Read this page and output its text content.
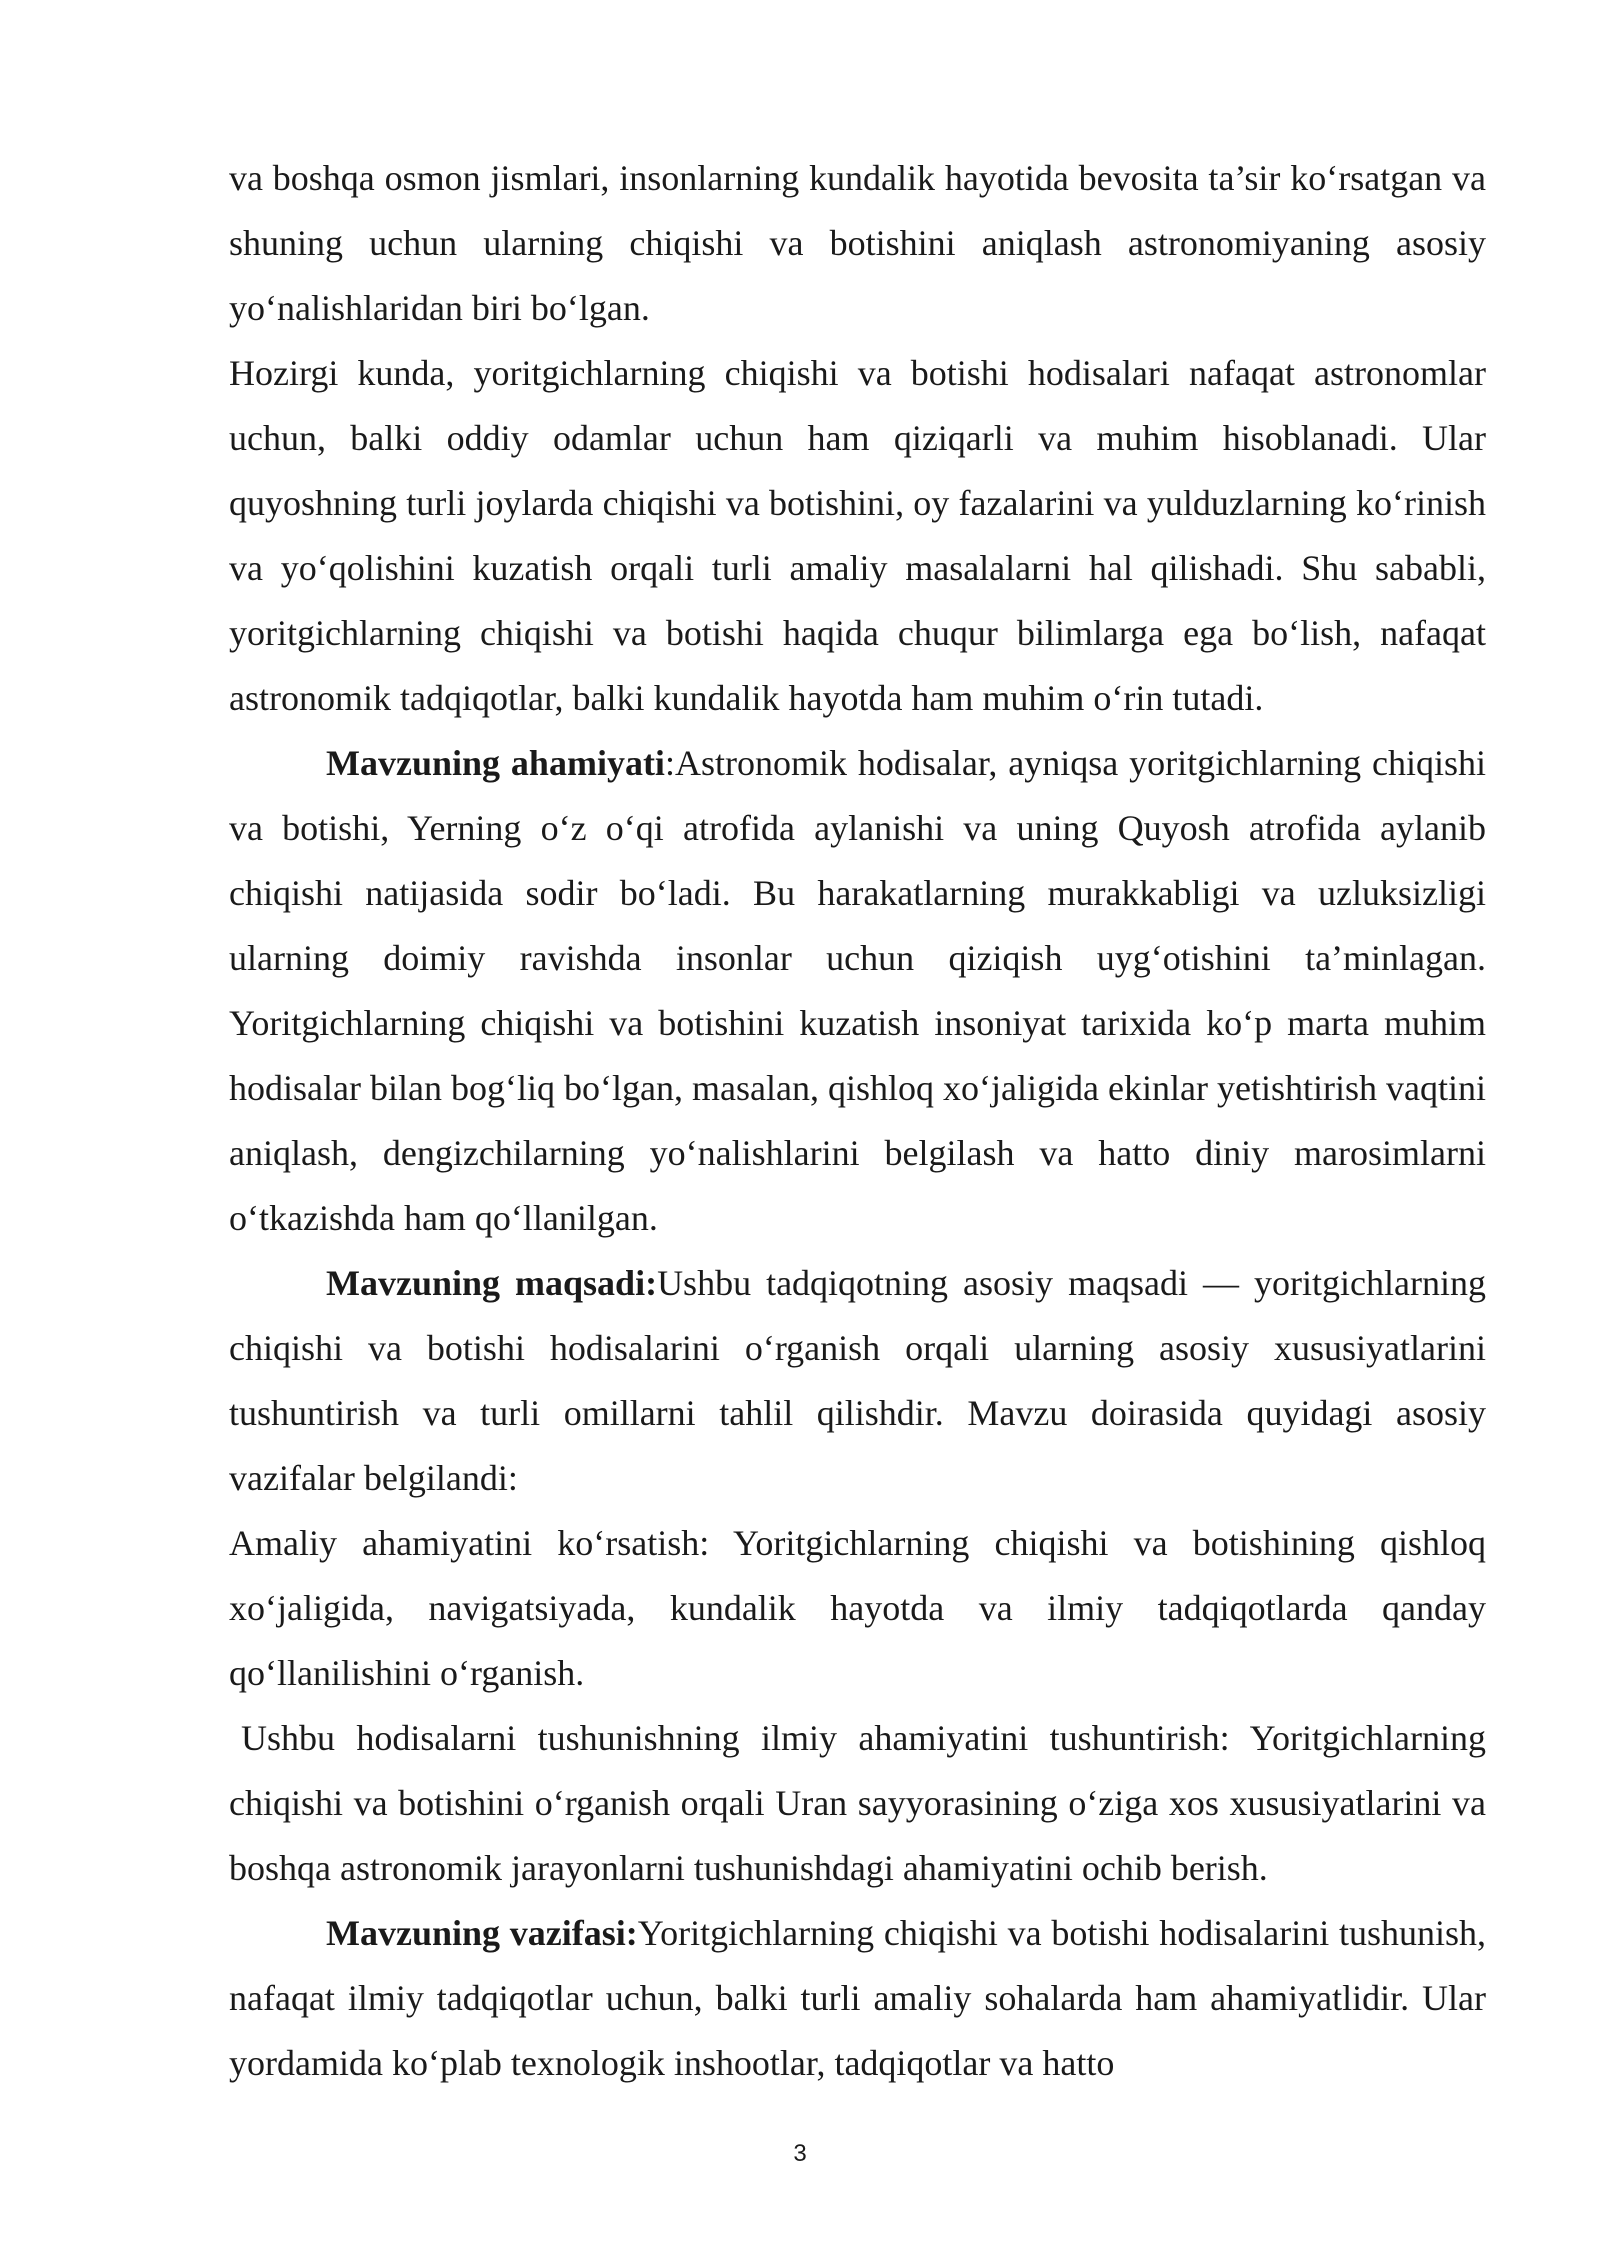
va boshqa osmon jismlari, insonlarning kundalik hayotida bevosita ta’sir ko‘rsatgan va shuning uchun ularning chiqishi va botishini aniqlash astronomiyaning asosiy yo‘nalishlaridan biri bo‘lgan.

Hozirgi kunda, yoritgichlarning chiqishi va botishi hodisalari nafaqat astronomlar uchun, balki oddiy odamlar uchun ham qiziqarli va muhim hisoblanadi. Ular quyoshning turli joylarda chiqishi va botishini, oy fazalarini va yulduzlarning ko‘rinish va yo‘qolishini kuzatish orqali turli amaliy masalalarni hal qilishadi. Shu sababli, yoritgichlarning chiqishi va botishi haqida chuqur bilimlarga ega bo‘lish, nafaqat astronomik tadqiqotlar, balki kundalik hayotda ham muhim o‘rin tutadi.

Mavzuning ahamiyati:Astronomik hodisalar, ayniqsa yoritgichlarning chiqishi va botishi, Yerning o‘z o‘qi atrofida aylanishi va uning Quyosh atrofida aylanib chiqishi natijasida sodir bo‘ladi. Bu harakatlarning murakkabligi va uzluksizligi ularning doimiy ravishda insonlar uchun qiziqish uyg‘otishini ta’minlagan. Yoritgichlarning chiqishi va botishini kuzatish insoniyat tarixida ko‘p marta muhim hodisalar bilan bog‘liq bo‘lgan, masalan, qishloq xo‘jaligida ekinlar yetishtirish vaqtini aniqlash, dengizchilarning yo‘nalishlarini belgilash va hatto diniy marosimlarni o‘tkazishda ham qo‘llanilgan.

Mavzuning maqsadi:Ushbu tadqiqotning asosiy maqsadi — yoritgichlarning chiqishi va botishi hodisalarini o‘rganish orqali ularning asosiy xususiyatlarini tushuntirish va turli omillarni tahlil qilishdir. Mavzu doirasida quyidagi asosiy vazifalar belgilandi:

Amaliy ahamiyatini ko‘rsatish: Yoritgichlarning chiqishi va botishining qishloq xo‘jaligida, navigatsiyada, kundalik hayotda va ilmiy tadqiqotlarda qanday qo‘llanilishini o‘rganish.

Ushbu hodisalarni tushunishning ilmiy ahamiyatini tushuntirish: Yoritgichlarning chiqishi va botishini o‘rganish orqali Uran sayyorasining o‘ziga xos xususiyatlarini va boshqa astronomik jarayonlarni tushunishdagi ahamiyatini ochib berish.

Mavzuning vazifasi:Yoritgichlarning chiqishi va botishi hodisalarini tushunish, nafaqat ilmiy tadqiqotlar uchun, balki turli amaliy sohalarda ham ahamiyatlidir. Ular yordamida ko‘plab texnologik inshootlar, tadqiqotlar va hatto

3
